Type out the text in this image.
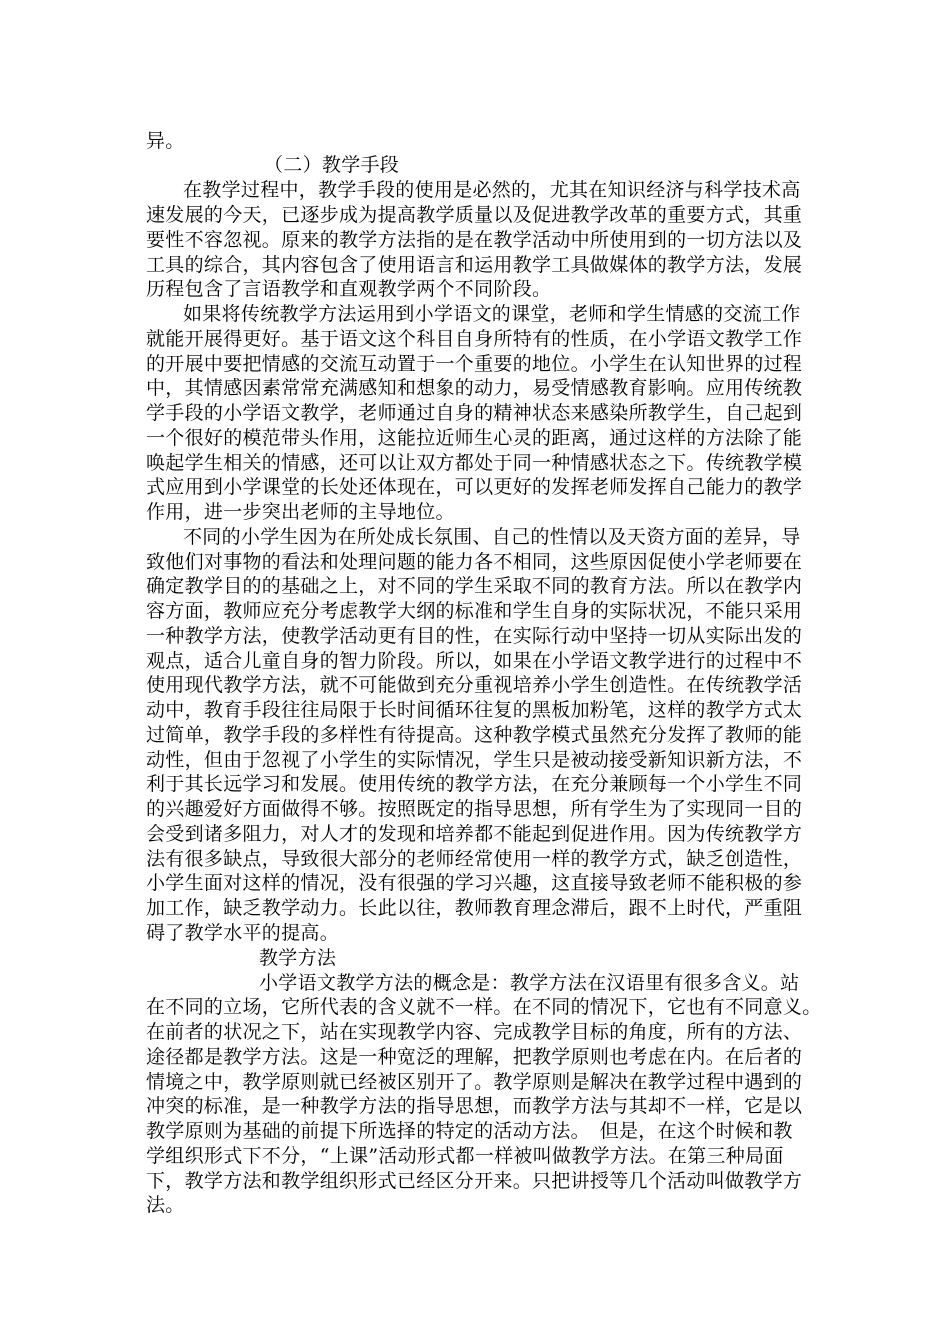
异。
（二）教学手段
在教学过程中，教学手段的使用是必然的，尤其在知识经济与科学技术高
速发展的今天，已逐步成为提高教学质量以及促进教学改革的重要方式，其重
要性不容忽视。原来的教学方法指的是在教学活动中所使用到的一切方法以及
工具的综合，其内容包含了使用语言和运用教学工具做媒体的教学方法，发展
历程包含了言语教学和直观教学两个不同阶段。
如果将传统教学方法运用到小学语文的课堂，老师和学生情感的交流工作
就能开展得更好。基于语文这个科目自身所特有的性质，在小学语文教学工作
的开展中要把情感的交流互动置于一个重要的地位。小学生在认知世界的过程
中，其情感因素常常充满感知和想象的动力，易受情感教育影响。应用传统教
学手段的小学语文教学，老师通过自身的精神状态来感染所教学生，自己起到
一个很好的模范带头作用，这能拉近师生心灵的距离，通过这样的方法除了能
唤起学生相关的情感，还可以让双方都处于同一种情感状态之下。传统教学模
式应用到小学课堂的长处还体现在，可以更好的发挥老师发挥自己能力的教学
作用，进一步突出老师的主导地位。
不同的小学生因为在所处成长氛围、自己的性情以及天资方面的差异，导
致他们对事物的看法和处理问题的能力各不相同，这些原因促使小学老师要在
确定教学目的的基础之上，对不同的学生采取不同的教育方法。所以在教学内
容方面，教师应充分考虑教学大纲的标准和学生自身的实际状况，不能只采用
一种教学方法，使教学活动更有目的性，在实际行动中坚持一切从实际出发的
观点，适合儿童自身的智力阶段。所以，如果在小学语文教学进行的过程中不
使用现代教学方法，就不可能做到充分重视培养小学生创造性。在传统教学活
动中，教育手段往往局限于长时间循环往复的黑板加粉笔，这样的教学方式太
过简单，教学手段的多样性有待提高。这种教学模式虽然充分发挥了教师的能
动性，但由于忽视了小学生的实际情况，学生只是被动接受新知识新方法，不
利于其长远学习和发展。使用传统的教学方法，在充分兼顾每一个小学生不同
的兴趣爱好方面做得不够。按照既定的指导思想，所有学生为了实现同一目的
会受到诸多阻力，对人才的发现和培养都不能起到促进作用。因为传统教学方
法有很多缺点，导致很大部分的老师经常使用一样的教学方式，缺乏创造性，
小学生面对这样的情况，没有很强的学习兴趣，这直接导致老师不能积极的参
加工作，缺乏教学动力。长此以往，教师教育理念滞后，跟不上时代，严重阻
碍了教学水平的提高。
教学方法
小学语文教学方法的概念是：教学方法在汉语里有很多含义。站
在不同的立场，它所代表的含义就不一样。在不同的情况下，它也有不同意义。
在前者的状况之下，站在实现教学内容、完成教学目标的角度，所有的方法、
途径都是教学方法。这是一种宽泛的理解，把教学原则也考虑在内。在后者的
情境之中，教学原则就已经被区别开了。教学原则是解决在教学过程中遇到的
冲突的标准，是一种教学方法的指导思想，而教学方法与其却不一样，它是以
教学原则为基础的前提下所选择的特定的活动方法。　但是，在这个时候和教
学组织形式下不分，“上课”活动形式都一样被叫做教学方法。在第三种局面
下，教学方法和教学组织形式已经区分开来。只把讲授等几个活动叫做教学方
法。
